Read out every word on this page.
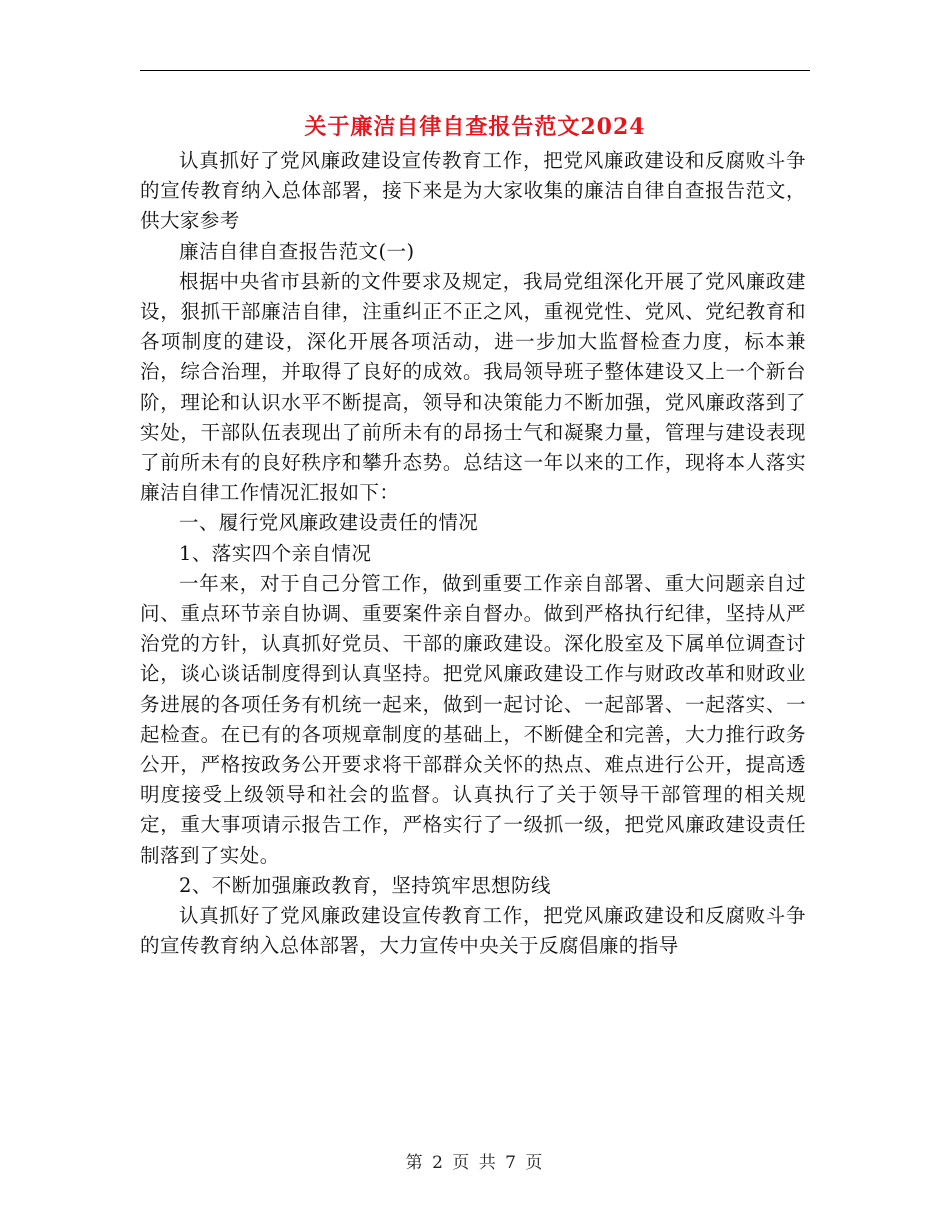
关于廉洁自律自查报告范文2024

认真抓好了党风廉政建设宣传教育工作，把党风廉政建设和反腐败斗争的宣传教育纳入总体部署，接下来是为大家收集的廉洁自律自查报告范文，供大家参考

廉洁自律自查报告范文(一)

根据中央省市县新的文件要求及规定，我局党组深化开展了党风廉政建设，狠抓干部廉洁自律，注重纠正不正之风，重视党性、党风、党纪教育和各项制度的建设，深化开展各项活动，进一步加大监督检查力度，标本兼治，综合治理，并取得了良好的成效。我局领导班子整体建设又上一个新台阶，理论和认识水平不断提高，领导和决策能力不断加强，党风廉政落到了实处，干部队伍表现出了前所未有的昂扬士气和凝聚力量，管理与建设表现了前所未有的良好秩序和攀升态势。总结这一年以来的工作，现将本人落实廉洁自律工作情况汇报如下：

一、履行党风廉政建设责任的情况

1、落实四个亲自情况

一年来，对于自己分管工作，做到重要工作亲自部署、重大问题亲自过问、重点环节亲自协调、重要案件亲自督办。做到严格执行纪律，坚持从严治党的方针，认真抓好党员、干部的廉政建设。深化股室及下属单位调查讨论，谈心谈话制度得到认真坚持。把党风廉政建设工作与财政改革和财政业务进展的各项任务有机统一起来，做到一起讨论、一起部署、一起落实、一起检查。在已有的各项规章制度的基础上，不断健全和完善，大力推行政务公开，严格按政务公开要求将干部群众关怀的热点、难点进行公开，提高透明度接受上级领导和社会的监督。认真执行了关于领导干部管理的相关规定，重大事项请示报告工作，严格实行了一级抓一级，把党风廉政建设责任制落到了实处。

2、不断加强廉政教育，坚持筑牢思想防线

认真抓好了党风廉政建设宣传教育工作，把党风廉政建设和反腐败斗争的宣传教育纳入总体部署，大力宣传中央关于反腐倡廉的指导

第 2 页 共 7 页
